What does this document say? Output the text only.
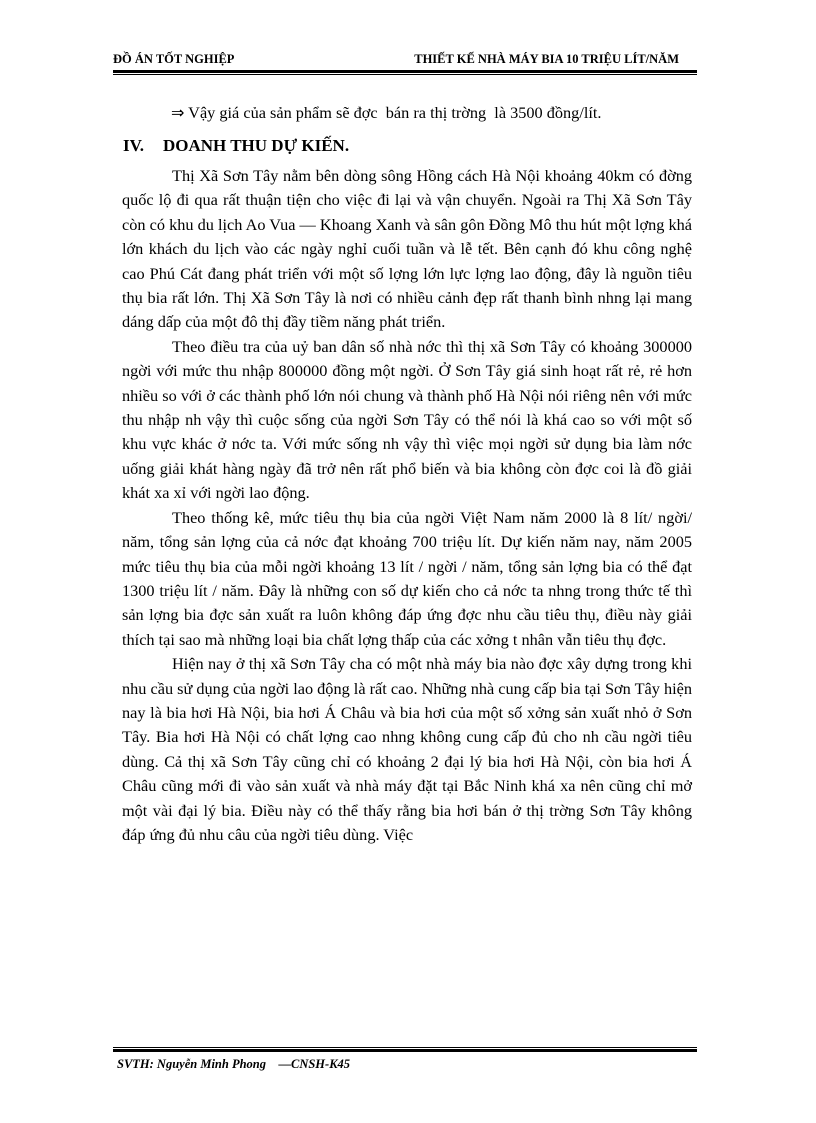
ĐỒ ÁN TỐT NGHIỆP	THIẾT KẾ NHÀ MÁY BIA 10 TRIỆU LÍT/NĂM
⇒ Vậy giá của sản phẩm sẽ đợc  bán ra thị trờng  là 3500 đồng/lít.
IV. DOANH THU DỰ KIẾN.

Thị Xã Sơn Tây nằm bên dòng sông Hồng cách Hà Nội khoảng 40km có đờng quốc lộ đi qua rất thuận tiện cho việc đi lại và vận chuyển. Ngoài ra Thị Xã Sơn Tây còn có khu du lịch Ao Vua — Khoang Xanh và sân gôn Đồng Mô thu hút một lợng khá lớn khách du lịch vào các ngày nghỉ cuối tuần và lễ tết. Bên cạnh đó khu công nghệ cao Phú Cát đang phát triển với một số lợng lớn lực lợng lao động, đây là nguồn tiêu thụ bia rất lớn. Thị Xã Sơn Tây là nơi có nhiều cảnh đẹp rất thanh bình nhng lại mang dáng dấp của một đô thị đầy tiềm năng phát triển.

Theo điều tra của uỷ ban dân số nhà nớc thì thị xã Sơn Tây có khoảng 300000 ngời với mức thu nhập 800000 đồng một ngời. Ở Sơn Tây giá sinh hoạt rất rẻ, rẻ hơn nhiều so với ở các thành phố lớn nói chung và thành phố Hà Nội nói riêng nên với mức thu nhập nh vậy thì cuộc sống của ngời Sơn Tây có thể nói là khá cao so với một số khu vực khác ở nớc ta. Với mức sống nh vậy thì việc mọi ngời sử dụng bia làm nớc uống giải khát hàng ngày đã trở nên rất phổ biến và bia không còn đợc coi là đồ giải khát xa xỉ với ngời lao động.

Theo thống kê, mức tiêu thụ bia của ngời Việt Nam năm 2000 là 8 lít/ ngời/ năm, tổng sản lợng của cả nớc đạt khoảng 700 triệu lít. Dự kiến năm nay, năm 2005 mức tiêu thụ bia của mỗi ngời khoảng 13 lít / ngời / năm, tổng sản lợng bia có thể đạt 1300 triệu lít / năm. Đây là những con số dự kiến cho cả nớc ta nhng trong thức tế thì sản lợng bia đợc sản xuất ra luôn không đáp ứng đợc nhu cầu tiêu thụ, điều này giải thích tại sao mà những loại bia chất lợng thấp của các xởng t nhân vẫn tiêu thụ đợc.

Hiện nay ở thị xã Sơn Tây cha có một nhà máy bia nào đợc xây dựng trong khi nhu cầu sử dụng của ngời lao động là rất cao. Những nhà cung cấp bia tại Sơn Tây hiện nay là bia hơi Hà Nội, bia hơi Á Châu và bia hơi của một số xởng sản xuất nhỏ ở Sơn Tây. Bia hơi Hà Nội có chất lợng cao nhng không cung cấp đủ cho nh cầu ngời tiêu dùng. Cả thị xã Sơn Tây cũng chỉ có khoảng 2 đại lý bia hơi Hà Nội, còn bia hơi Á Châu cũng mới đi vào sản xuất và nhà máy đặt tại Bắc Ninh khá xa nên cũng chỉ mở một vài đại lý bia. Điều này có thể thấy rằng bia hơi bán ở thị trờng Sơn Tây không đáp ứng đủ nhu câu của ngời tiêu dùng. Việc

SVTH: Nguyễn Minh Phong    —CNSH-K45
